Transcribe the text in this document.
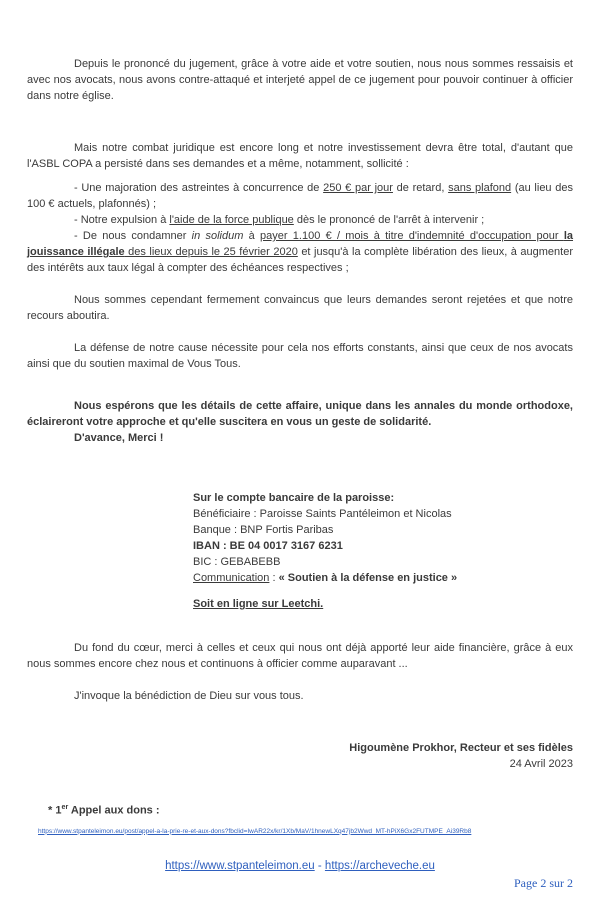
Depuis le prononcé du jugement, grâce à votre aide et votre soutien, nous nous sommes ressaisis et avec nos avocats, nous avons contre-attaqué et interjeté appel de ce jugement pour pouvoir continuer à officier dans notre église.

Mais notre combat juridique est encore long et notre investissement devra être total, d'autant que l'ASBL COPA a persisté dans ses demandes et a même, notamment, sollicité :

- Une majoration des astreintes à concurrence de 250 € par jour de retard, sans plafond (au lieu des 100 € actuels, plafonnés) ;

- Notre expulsion à l'aide de la force publique dès le prononcé de l'arrêt à intervenir ;

- De nous condamner in solidum à payer 1.100 € / mois à titre d'indemnité d'occupation pour la jouissance illégale des lieux depuis le 25 février 2020 et jusqu'à la complète libération des lieux, à augmenter des intérêts aux taux légal à compter des échéances respectives ;

Nous sommes cependant fermement convaincus que leurs demandes seront rejetées et que notre recours aboutira.

La défense de notre cause nécessite pour cela nos efforts constants, ainsi que ceux de nos avocats ainsi que du soutien maximal de Vous Tous.

Nous espérons que les détails de cette affaire, unique dans les annales du monde orthodoxe, éclaireront votre approche et qu'elle suscitera en vous un geste de solidarité.

D'avance, Merci !

Sur le compte bancaire de la paroisse:

Bénéficiaire : Paroisse Saints Pantéleimon et Nicolas

Banque : BNP Fortis Paribas

IBAN : BE 04 0017 3167 6231

BIC : GEBABEBB

Communication : « Soutien à la défense en justice »

Soit en ligne sur Leetchi.

Du fond du cœur, merci à celles et ceux qui nous ont déjà apporté leur aide financière, grâce à eux nous sommes encore chez nous et continuons à officier comme auparavant ...

J'invoque la bénédiction de Dieu sur vous tous.

Higoumène Prokhor, Recteur et ses fidèles

24 Avril 2023

* 1er Appel aux dons :

https://www.stpanteleimon.eu/post/appel-a-la-prie-re-et-aux-dons?fbclid=IwAR22x/kr/1Xb/MaV/1hnewLXq47jb2Wwd_MT-hPiX6Gx2FUTMPE_Ai39Rb8

https://www.stpanteleimon.eu - https://archeveche.eu
Page 2 sur 2
